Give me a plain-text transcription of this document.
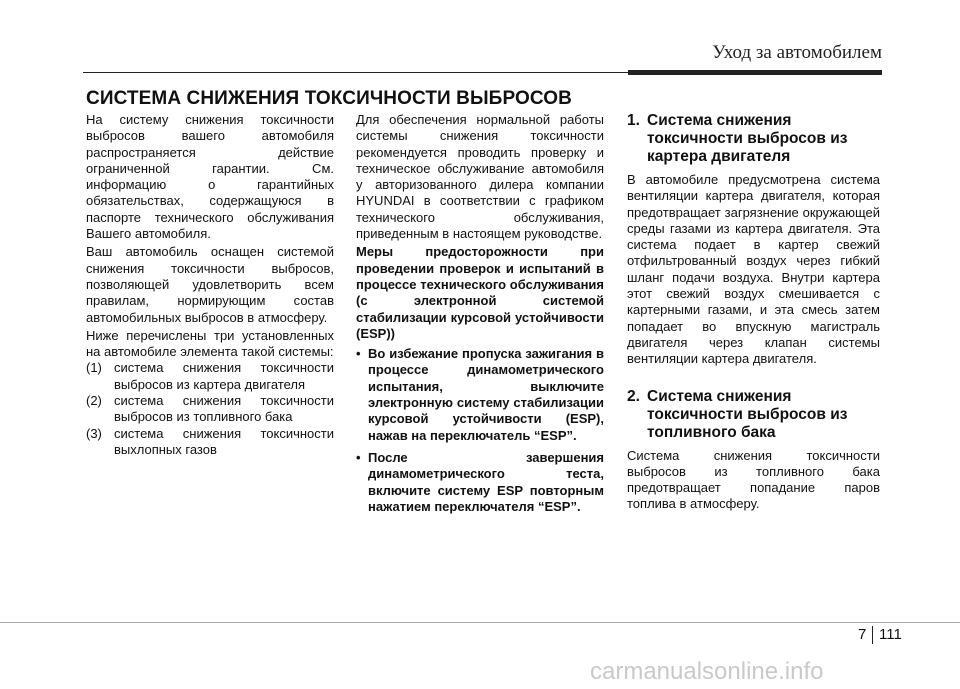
Уход за автомобилем
СИСТЕМА СНИЖЕНИЯ ТОКСИЧНОСТИ ВЫБРОСОВ

На систему снижения токсичности выбросов вашего автомобиля распространяется действие ограниченной гарантии. См. информацию о гарантийных обязательствах, содержащуюся в паспорте технического обслуживания Вашего автомобиля.

Ваш автомобиль оснащен системой снижения токсичности выбросов, позволяющей удовлетворить всем правилам, нормирующим состав автомобильных выбросов в атмосферу.

Ниже перечислены три установленных на автомобиле элемента такой системы:

(1) система снижения токсичности выбросов из картера двигателя
(2) система снижения токсичности выбросов из топливного бака
(3) система снижения токсичности выхлопных газов

Для обеспечения нормальной работы системы снижения токсичности рекомендуется проводить проверку и техническое обслуживание автомобиля у авторизованного дилера компании HYUNDAI в соответствии с графиком технического обслуживания, приведенным в настоящем руководстве.

Меры предосторожности при проведении проверок и испытаний в процессе технического обслуживания (с электронной системой стабилизации курсовой устойчивости (ESP))

• Во избежание пропуска зажигания в процессе динамометрического испытания, выключите электронную систему стабилизации курсовой устойчивости (ESP), нажав на переключатель “ESP”.
• После завершения динамометрического теста, включите систему ESP повторным нажатием переключателя “ESP”.
1. Система снижения токсичности выбросов из картера двигателя

В автомобиле предусмотрена система вентиляции картера двигателя, которая предотвращает загрязнение окружающей среды газами из картера двигателя. Эта система подает в картер свежий отфильтрованный воздух через гибкий шланг подачи воздуха. Внутри картера этот свежий воздух смешивается с картерными газами, и эта смесь затем попадает во впускную магистраль двигателя через клапан системы вентиляции картера двигателя.

2. Система снижения токсичности выбросов из топливного бака

Система снижения токсичности выбросов из топливного бака предотвращает попадание паров топлива в атмосферу.

7 111
carmanualsonline.info
